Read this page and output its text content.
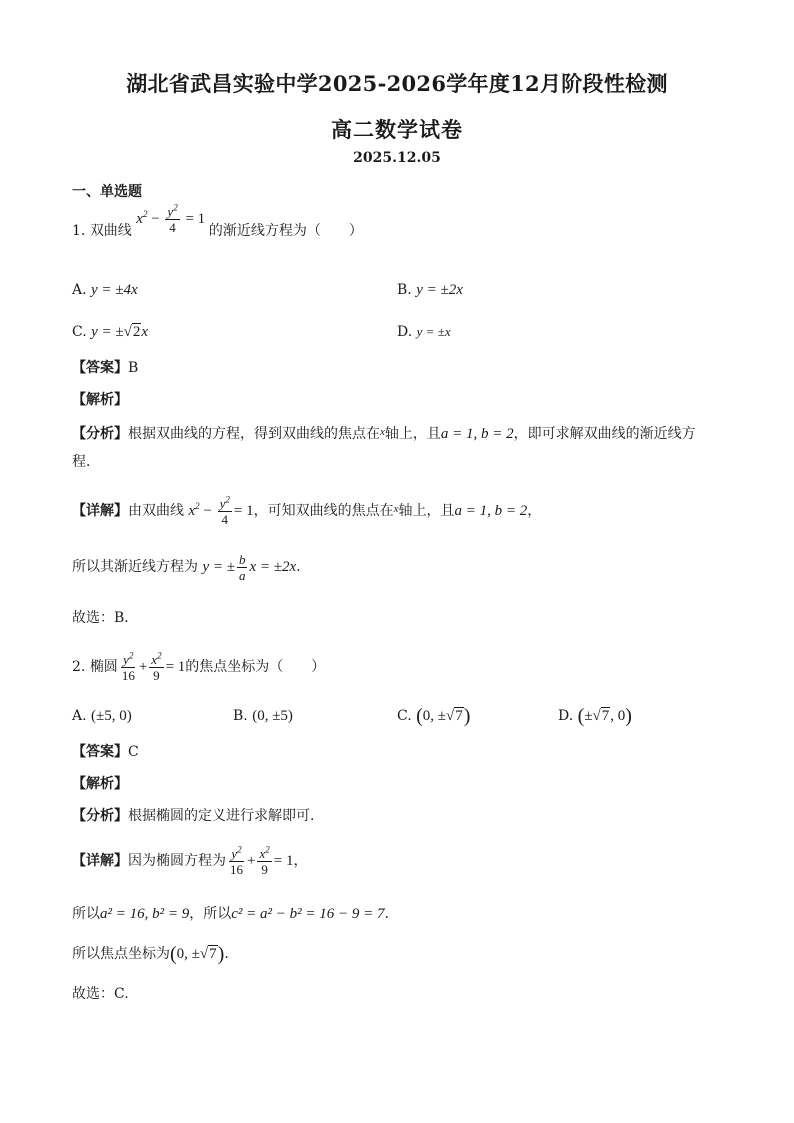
湖北省武昌实验中学2025-2026学年度12月阶段性检测
高二数学试卷
2025.12.05
一、单选题
1. 双曲线 $x^2 - \frac{y^2}{4} = 1$ 的渐近线方程为（　　）
A. y = ±4x	B. y = ±2x
C. y = ±√2x	D. y = ±x
【答案】B
【解析】
【分析】根据双曲线的方程，得到双曲线的焦点在$^x$轴上，且a = 1, b = 2，即可求解双曲线的渐近线方
程．
【详解】由双曲线 $x^2 - \frac{y^2}{4} = 1$，可知双曲线的焦点在$^x$轴上，且a = 1, b = 2，
所以其渐近线方程为 y = ± $\frac{b}{a}$ x = ±2x.
故选：B．
2. 椭圆 $\frac{y^2}{16} + \frac{x^2}{9} = 1$的焦点坐标为（　　）
A. (±5, 0)	B. (0, ±5)	C. (0, ±√7)	D. (±√7, 0)
【答案】C
【解析】
【分析】根据椭圆的定义进行求解即可.
【详解】因为椭圆方程为 $\frac{y^2}{16} + \frac{x^2}{9} = 1$，
所以a² = 16, b² = 9，所以c² = a² − b² = 16 − 9 = 7.
所以焦点坐标为(0, ±√7).
故选：C.
